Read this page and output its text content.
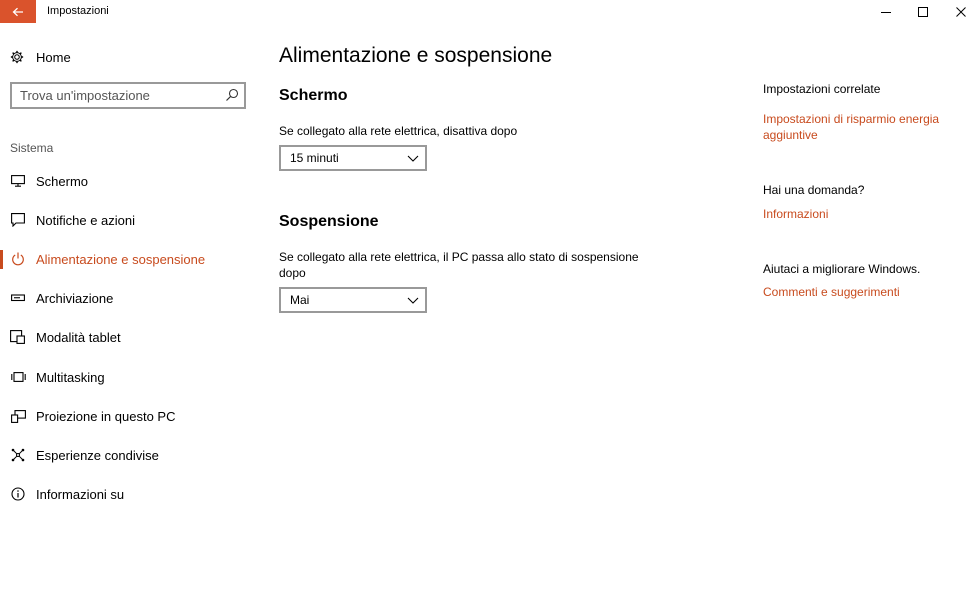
Impostazioni
Home
Trova un'impostazione
Sistema
Schermo
Notifiche e azioni
Alimentazione e sospensione
Archiviazione
Modalità tablet
Multitasking
Proiezione in questo PC
Esperienze condivise
Informazioni su
Alimentazione e sospensione
Schermo
Se collegato alla rete elettrica, disattiva dopo
15 minuti
Sospensione
Se collegato alla rete elettrica, il PC passa allo stato di sospensione
dopo
Mai
Impostazioni correlate
Impostazioni di risparmio energia
aggiuntive
Hai una domanda?
Informazioni
Aiutaci a migliorare Windows.
Commenti e suggerimenti
